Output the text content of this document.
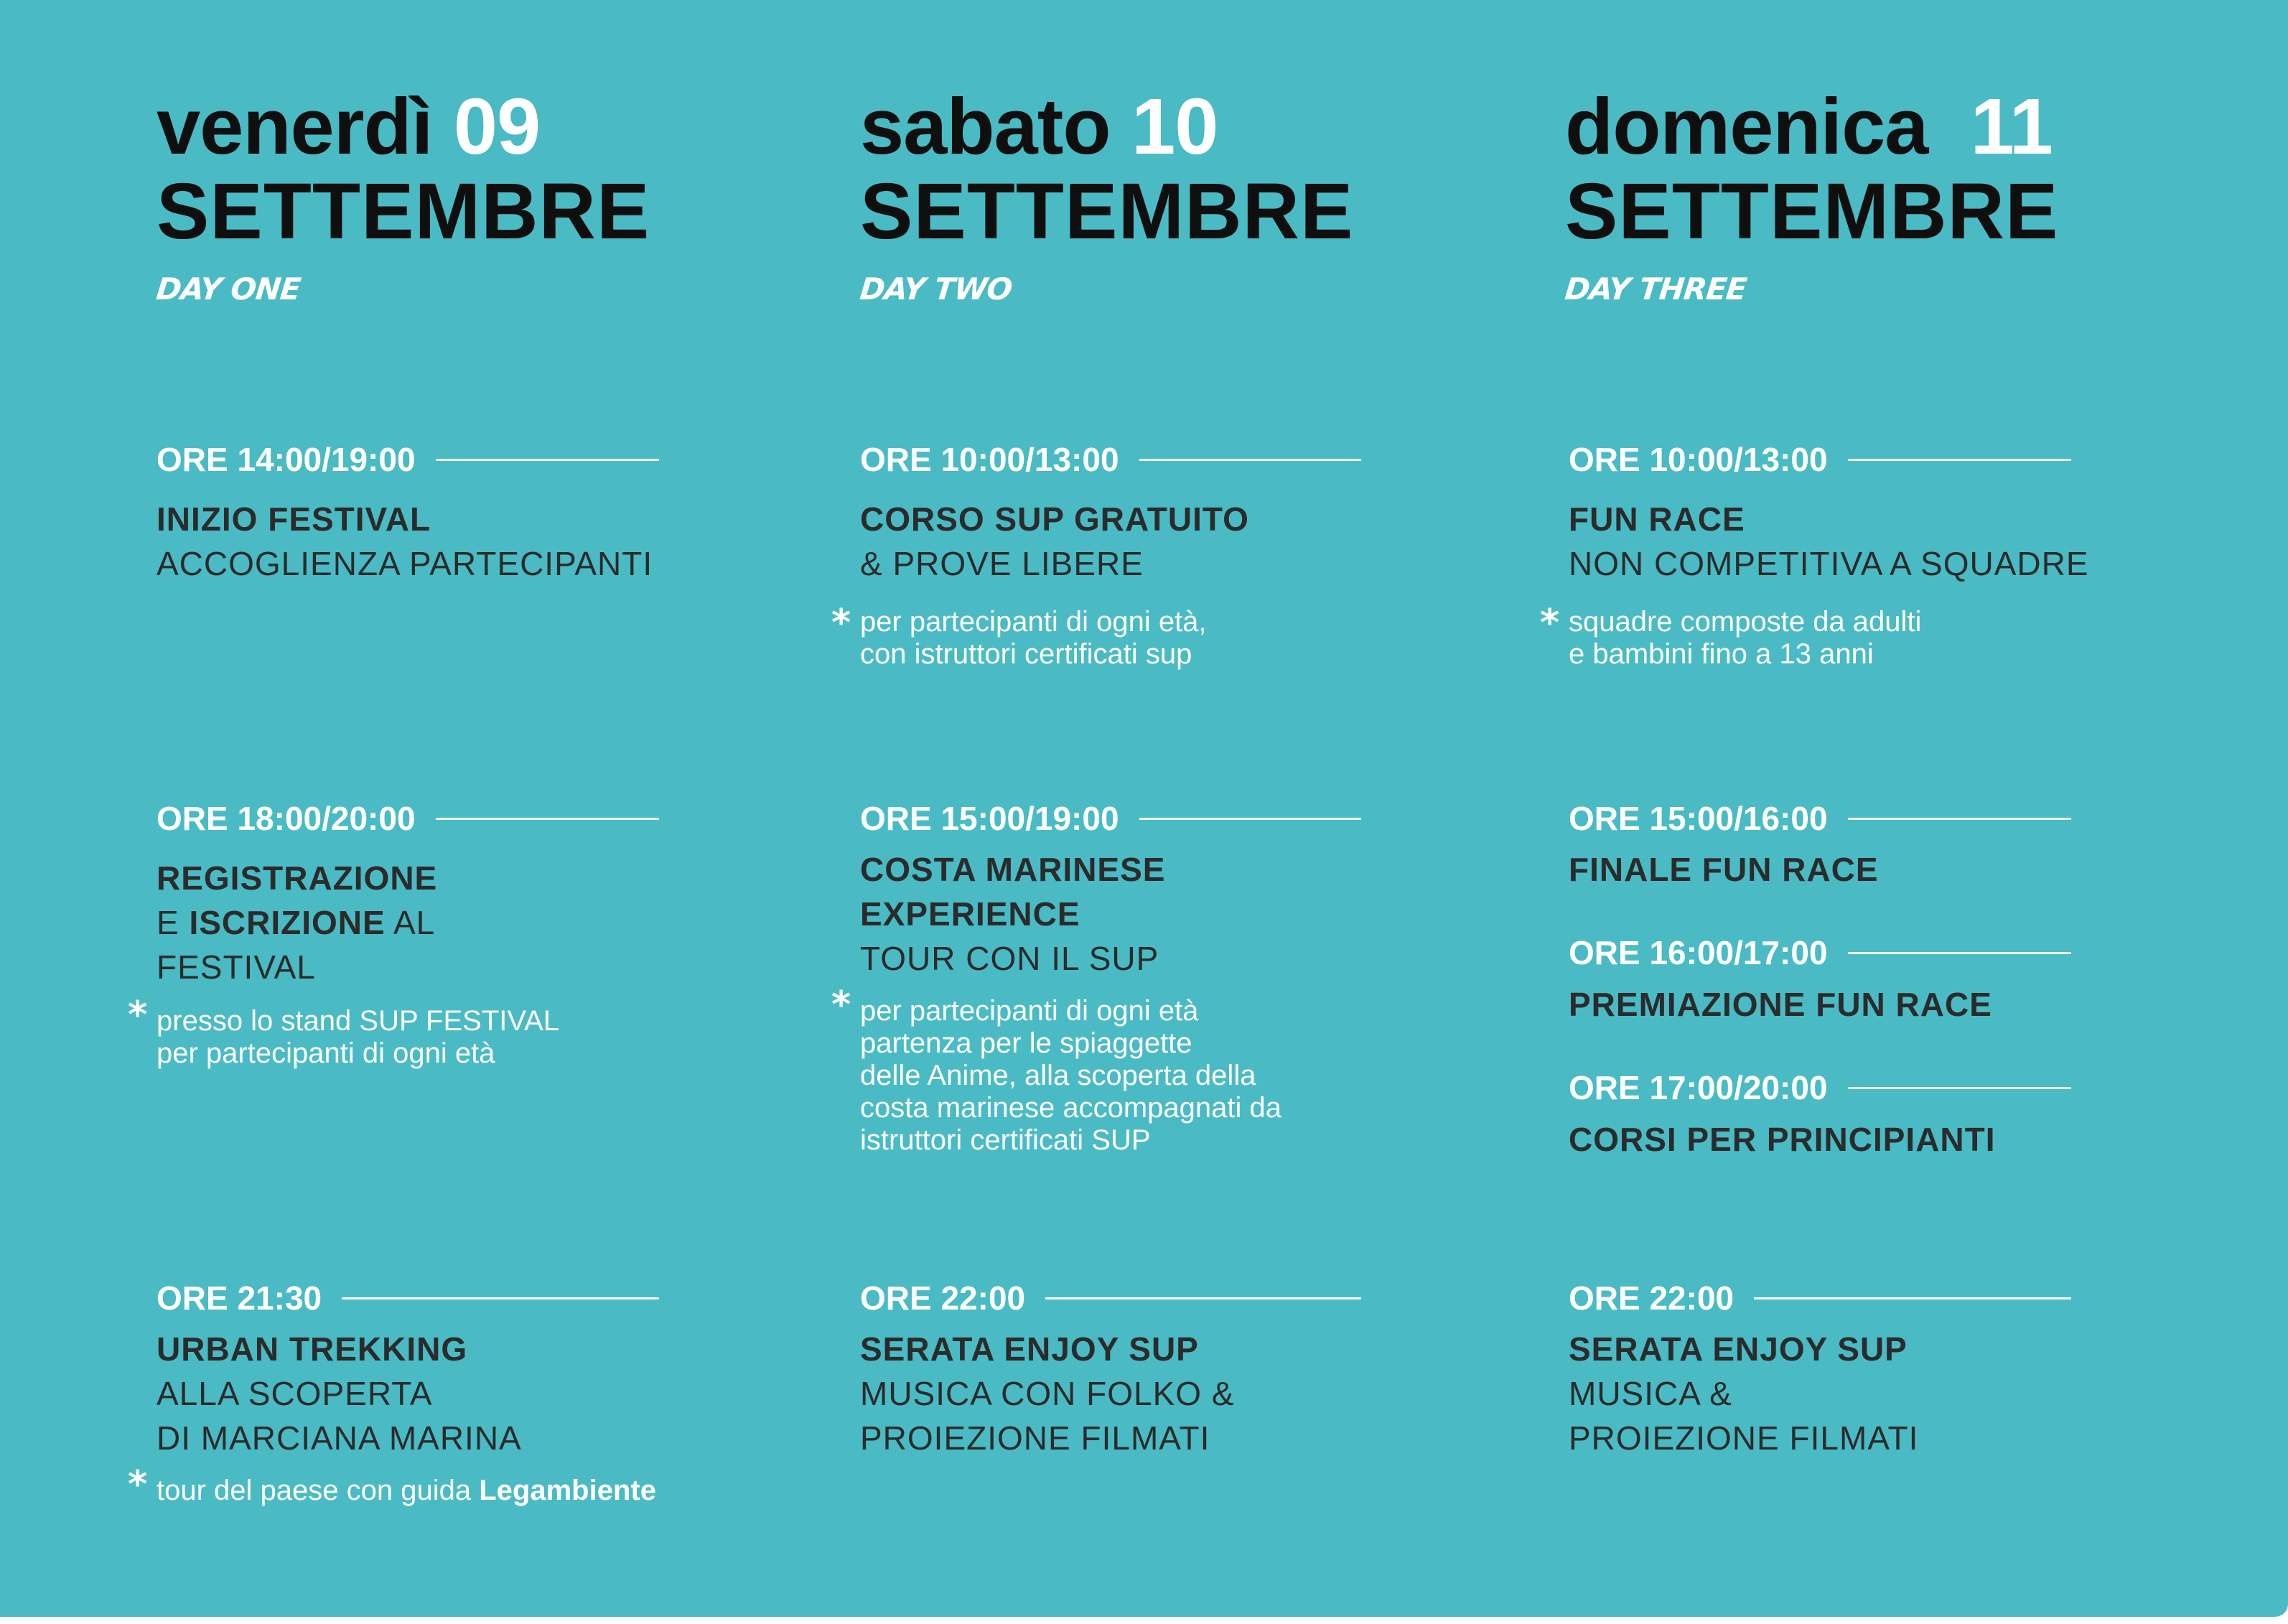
venerdì 09
SETTEMBRE
DAY ONE
ORE 14:00/19:00
INIZIO FESTIVAL
ACCOGLIENZA PARTECIPANTI
ORE 18:00/20:00
REGISTRAZIONE
E ISCRIZIONE AL
FESTIVAL
* presso lo stand SUP FESTIVAL
per partecipanti di ogni età
ORE 21:30
URBAN TREKKING
ALLA SCOPERTA
DI MARCIANA MARINA
* tour del paese con guida Legambiente
sabato 10
SETTEMBRE
DAY TWO
ORE 10:00/13:00
CORSO SUP GRATUITO
& PROVE LIBERE
* per partecipanti di ogni età,
con istruttori certificati sup
ORE 15:00/19:00
COSTA MARINESE
EXPERIENCE
TOUR CON IL SUP
* per partecipanti di ogni età
partenza per le spiaggette
delle Anime, alla scoperta della
costa marinese accompagnati da
istruttori certificati SUP
ORE 22:00
SERATA ENJOY SUP
MUSICA CON FOLKO &
PROIEZIONE FILMATI
domenica 11
SETTEMBRE
DAY THREE
ORE 10:00/13:00
FUN RACE
NON COMPETITIVA A SQUADRE
* squadre composte da adulti
e bambini fino a 13 anni
ORE 15:00/16:00
FINALE FUN RACE
ORE 16:00/17:00
PREMIAZIONE FUN RACE
ORE 17:00/20:00
CORSI PER PRINCIPIANTI
ORE 22:00
SERATA ENJOY SUP
MUSICA &
PROIEZIONE FILMATI
